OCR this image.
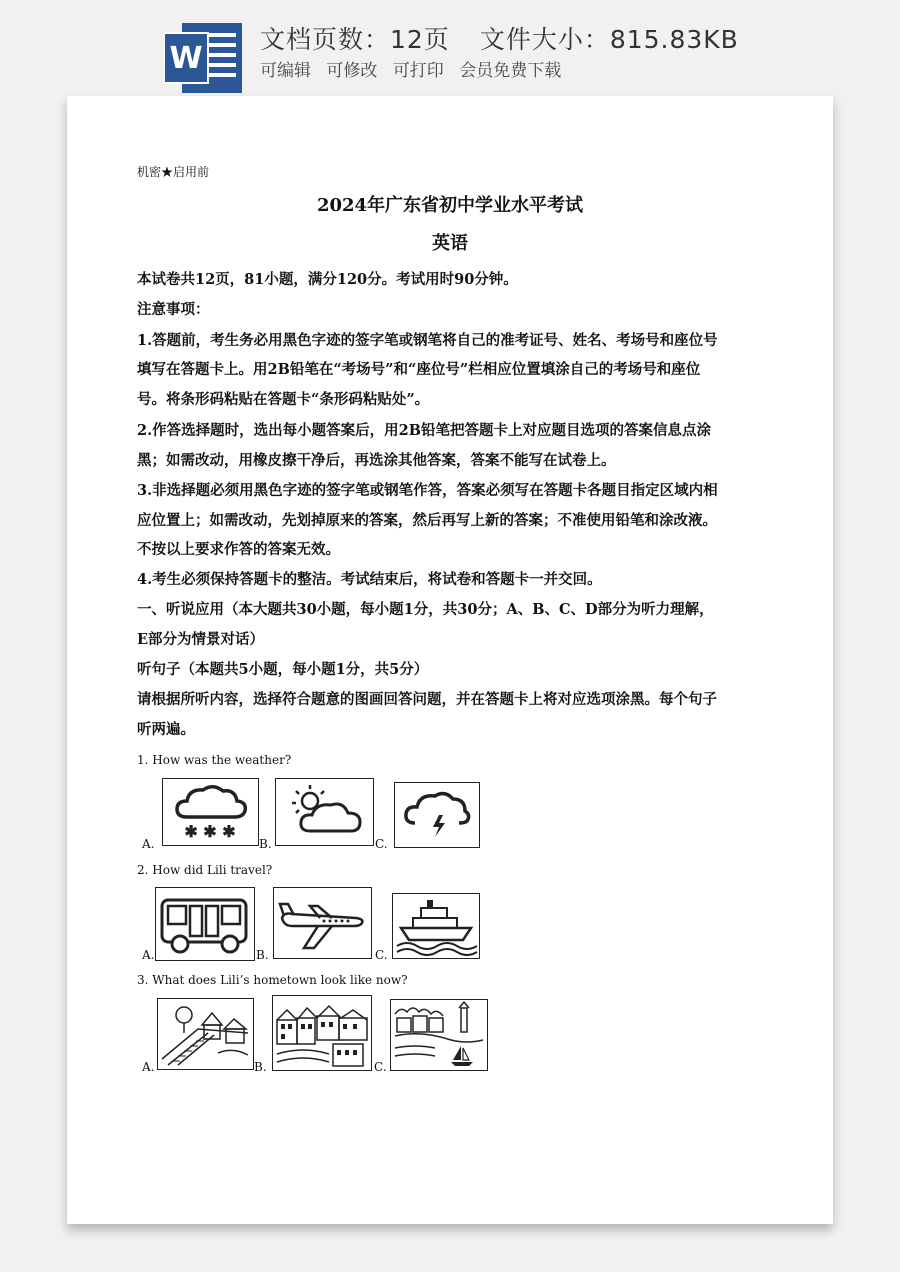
W
文档页数：12页 文件大小：815.83KB
可编辑 可修改 可打印 会员免费下载
机密★启用前
2024年广东省初中学业水平考试
英语
本试卷共12页，81小题，满分120分。考试用时90分钟。
注意事项：
1.答题前，考生务必用黑色字迹的签字笔或钢笔将自己的准考证号、姓名、考场号和座位号
填写在答题卡上。用2B铅笔在“考场号”和“座位号”栏相应位置填涂自己的考场号和座位
号。将条形码粘贴在答题卡“条形码粘贴处”。
2.作答选择题时，选出每小题答案后，用2B铅笔把答题卡上对应题目选项的答案信息点涂
黑；如需改动，用橡皮擦干净后，再选涂其他答案，答案不能写在试卷上。
3.非选择题必须用黑色字迹的签字笔或钢笔作答，答案必须写在答题卡各题目指定区域内相
应位置上；如需改动，先划掉原来的答案，然后再写上新的答案；不准使用铅笔和涂改液。
不按以上要求作答的答案无效。
4.考生必须保持答题卡的整洁。考试结束后，将试卷和答题卡一并交回。
一、听说应用（本大题共30小题，每小题1分，共30分；A、B、C、D部分为听力理解，
E部分为情景对话）
听句子（本题共5小题，每小题1分，共5分）
请根据所听内容，选择符合题意的图画回答问题，并在答题卡上将对应选项涂黑。每个句子
听两遍。
1. How was the weather?
A.
✱ ✱ ✱
B.	C.
2. How did Lili travel?
A.	B.	C.
3. What does Lili’s hometown look like now?
A.	B.	C.
